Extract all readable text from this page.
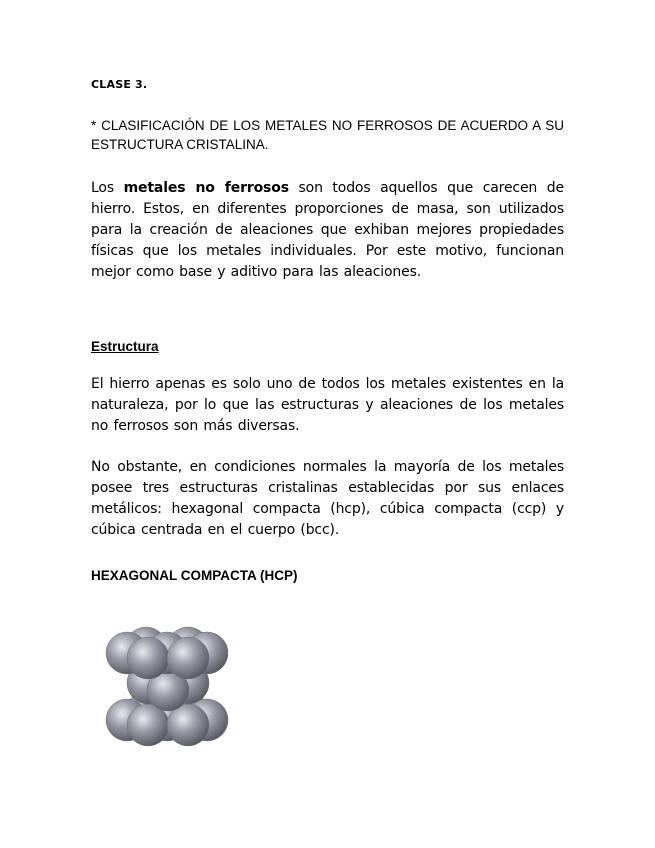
CLASE 3.
* CLASIFICACIÓN DE LOS METALES NO FERROSOS DE ACUERDO A SU ESTRUCTURA CRISTALINA.
Los metales no ferrosos son todos aquellos que carecen de hierro. Estos, en diferentes proporciones de masa, son utilizados para la creación de aleaciones que exhiban mejores propiedades físicas que los metales individuales. Por este motivo, funcionan mejor como base y aditivo para las aleaciones.
Estructura
El hierro apenas es solo uno de todos los metales existentes en la naturaleza, por lo que las estructuras y aleaciones de los metales no ferrosos son más diversas.
No obstante, en condiciones normales la mayoría de los metales posee tres estructuras cristalinas establecidas por sus enlaces metálicos: hexagonal compacta (hcp), cúbica compacta (ccp) y cúbica centrada en el cuerpo (bcc).
HEXAGONAL COMPACTA (HCP)
